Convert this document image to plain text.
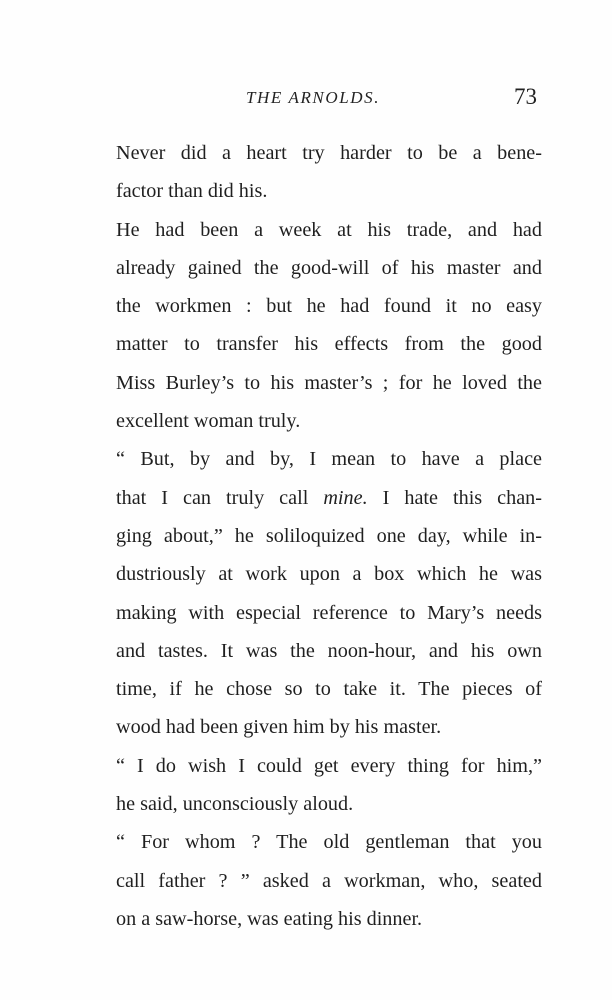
THE ARNOLDS.	73
Never did a heart try harder to be a bene-
factor than did his.
He had been a week at his trade, and had
already gained the good-will of his master and
the workmen : but he had found it no easy
matter to transfer his effects from the good
Miss Burley’s to his master’s ; for he loved the
excellent woman truly.
“ But, by and by, I mean to have a place
that I can truly call mine. I hate this chan-
ging about,” he soliloquized one day, while in-
dustriously at work upon a box which he was
making with especial reference to Mary’s needs
and tastes. It was the noon-hour, and his own
time, if he chose so to take it. The pieces of
wood had been given him by his master.
“ I do wish I could get every thing for him,”
he said, unconsciously aloud.
“ For whom ? The old gentleman that you
call father ? ” asked a workman, who, seated
on a saw-horse, was eating his dinner.
